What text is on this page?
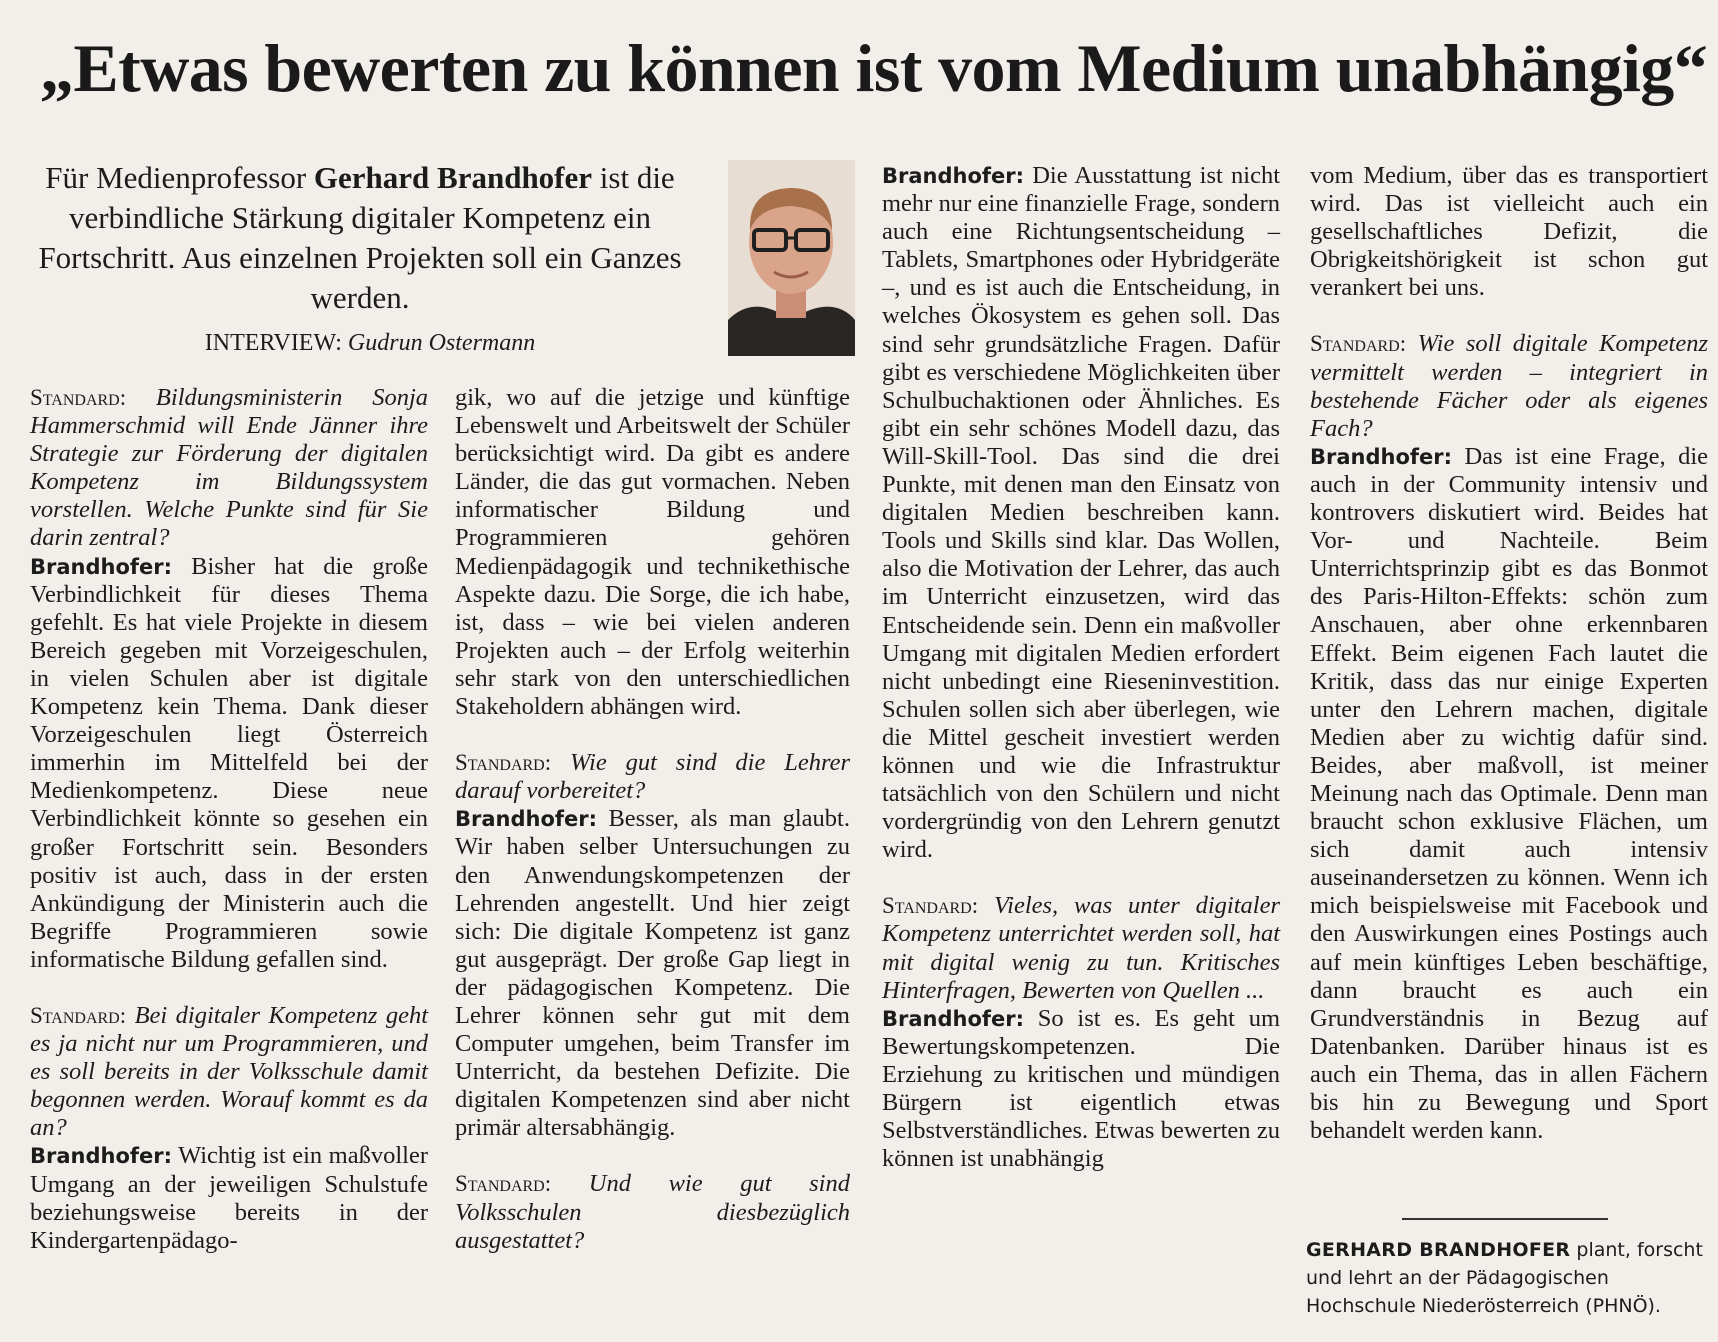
„Etwas bewerten zu können ist vom Medium unabhängig“
Für Medienprofessor Gerhard Brandhofer ist die verbindliche Stärkung digitaler Kompetenz ein Fortschritt. Aus einzelnen Projekten soll ein Ganzes werden.
INTERVIEW: Gudrun Ostermann

Standard: Bildungsministerin Sonja Hammerschmid will Ende Jänner ihre Strategie zur Förderung der digitalen Kompetenz im Bildungssystem vorstellen. Welche Punkte sind für Sie darin zentral?

Brandhofer: Bisher hat die große Verbindlichkeit für dieses Thema gefehlt. Es hat viele Projekte in diesem Bereich gegeben mit Vorzeigeschulen, in vielen Schulen aber ist digitale Kompetenz kein Thema. Dank dieser Vorzeigeschulen liegt Österreich immerhin im Mittelfeld bei der Medienkompetenz. Diese neue Verbindlichkeit könnte so gesehen ein großer Fortschritt sein. Besonders positiv ist auch, dass in der ersten Ankündigung der Ministerin auch die Begriffe Programmieren sowie informatische Bildung gefallen sind.

Standard: Bei digitaler Kompetenz geht es ja nicht nur um Programmieren, und es soll bereits in der Volksschule damit begonnen werden. Worauf kommt es da an?

Brandhofer: Wichtig ist ein maßvoller Umgang an der jeweiligen Schulstufe beziehungsweise bereits in der Kindergartenpädago-

gik, wo auf die jetzige und künftige Lebenswelt und Arbeitswelt der Schüler berücksichtigt wird. Da gibt es andere Länder, die das gut vormachen. Neben informatischer Bildung und Programmieren gehören Medienpädagogik und technikethische Aspekte dazu. Die Sorge, die ich habe, ist, dass – wie bei vielen anderen Projekten auch – der Erfolg weiterhin sehr stark von den unterschiedlichen Stakeholdern abhängen wird.

Standard: Wie gut sind die Lehrer darauf vorbereitet?

Brandhofer: Besser, als man glaubt. Wir haben selber Untersuchungen zu den Anwendungskompetenzen der Lehrenden angestellt. Und hier zeigt sich: Die digitale Kompetenz ist ganz gut ausgeprägt. Der große Gap liegt in der pädagogischen Kompetenz. Die Lehrer können sehr gut mit dem Computer umgehen, beim Transfer im Unterricht, da bestehen Defizite. Die digitalen Kompetenzen sind aber nicht primär altersabhängig.

Standard: Und wie gut sind Volksschulen diesbezüglich ausgestattet?

Brandhofer: Die Ausstattung ist nicht mehr nur eine finanzielle Frage, sondern auch eine Richtungsentscheidung – Tablets, Smartphones oder Hybridgeräte –, und es ist auch die Entscheidung, in welches Ökosystem es gehen soll. Das sind sehr grundsätzliche Fragen. Dafür gibt es verschiedene Möglichkeiten über Schulbuchaktionen oder Ähnliches. Es gibt ein sehr schönes Modell dazu, das Will-Skill-Tool. Das sind die drei Punkte, mit denen man den Einsatz von digitalen Medien beschreiben kann. Tools und Skills sind klar. Das Wollen, also die Motivation der Lehrer, das auch im Unterricht einzusetzen, wird das Entscheidende sein. Denn ein maßvoller Umgang mit digitalen Medien erfordert nicht unbedingt eine Rieseninvestition. Schulen sollen sich aber überlegen, wie die Mittel gescheit investiert werden können und wie die Infrastruktur tatsächlich von den Schülern und nicht vordergründig von den Lehrern genutzt wird.

Standard: Vieles, was unter digitaler Kompetenz unterrichtet werden soll, hat mit digital wenig zu tun. Kritisches Hinterfragen, Bewerten von Quellen ...

Brandhofer: So ist es. Es geht um Bewertungskompetenzen. Die Erziehung zu kritischen und mündigen Bürgern ist eigentlich etwas Selbstverständliches. Etwas bewerten zu können ist unabhängig

vom Medium, über das es transportiert wird. Das ist vielleicht auch ein gesellschaftliches Defizit, die Obrigkeitshörigkeit ist schon gut verankert bei uns.

Standard: Wie soll digitale Kompetenz vermittelt werden – integriert in bestehende Fächer oder als eigenes Fach?

Brandhofer: Das ist eine Frage, die auch in der Community intensiv und kontrovers diskutiert wird. Beides hat Vor- und Nachteile. Beim Unterrichtsprinzip gibt es das Bonmot des Paris-Hilton-Effekts: schön zum Anschauen, aber ohne erkennbaren Effekt. Beim eigenen Fach lautet die Kritik, dass das nur einige Experten unter den Lehrern machen, digitale Medien aber zu wichtig dafür sind. Beides, aber maßvoll, ist meiner Meinung nach das Optimale. Denn man braucht schon exklusive Flächen, um sich damit auch intensiv auseinandersetzen zu können. Wenn ich mich beispielsweise mit Facebook und den Auswirkungen eines Postings auch auf mein künftiges Leben beschäftige, dann braucht es auch ein Grundverständnis in Bezug auf Datenbanken. Darüber hinaus ist es auch ein Thema, das in allen Fächern bis hin zu Bewegung und Sport behandelt werden kann.

GERHARD BRANDHOFER plant, forscht und lehrt an der Pädagogischen Hochschule Niederösterreich (PHNÖ).
